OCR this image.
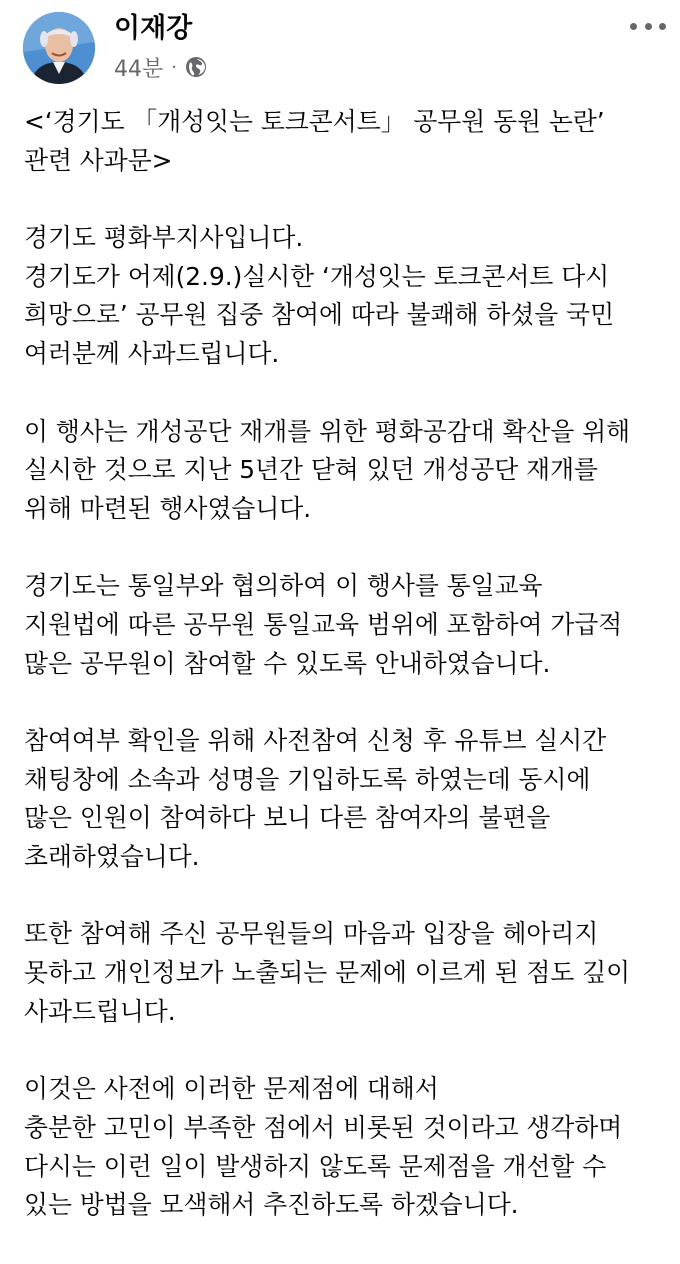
이재강
44분 ·
<‘경기도 「개성잇는 토크콘서트」 공무원 동원 논란’
관련 사과문>
경기도 평화부지사입니다.
경기도가 어제(2.9.)실시한 ‘개성잇는 토크콘서트 다시
희망으로’ 공무원 집중 참여에 따라 불쾌해 하셨을 국민
여러분께 사과드립니다.
이 행사는 개성공단 재개를 위한 평화공감대 확산을 위해
실시한 것으로 지난 5년간 닫혀 있던 개성공단 재개를
위해 마련된 행사였습니다.
경기도는 통일부와 협의하여 이 행사를 통일교육
지원법에 따른 공무원 통일교육 범위에 포함하여 가급적
많은 공무원이 참여할 수 있도록 안내하였습니다.
참여여부 확인을 위해 사전참여 신청 후 유튜브 실시간
채팅창에 소속과 성명을 기입하도록 하였는데 동시에
많은 인원이 참여하다 보니 다른 참여자의 불편을
초래하였습니다.
또한 참여해 주신 공무원들의 마음과 입장을 헤아리지
못하고 개인정보가 노출되는 문제에 이르게 된 점도 깊이
사과드립니다.
이것은 사전에 이러한 문제점에 대해서
충분한 고민이 부족한 점에서 비롯된 것이라고 생각하며
다시는 이런 일이 발생하지 않도록 문제점을 개선할 수
있는 방법을 모색해서 추진하도록 하겠습니다.
